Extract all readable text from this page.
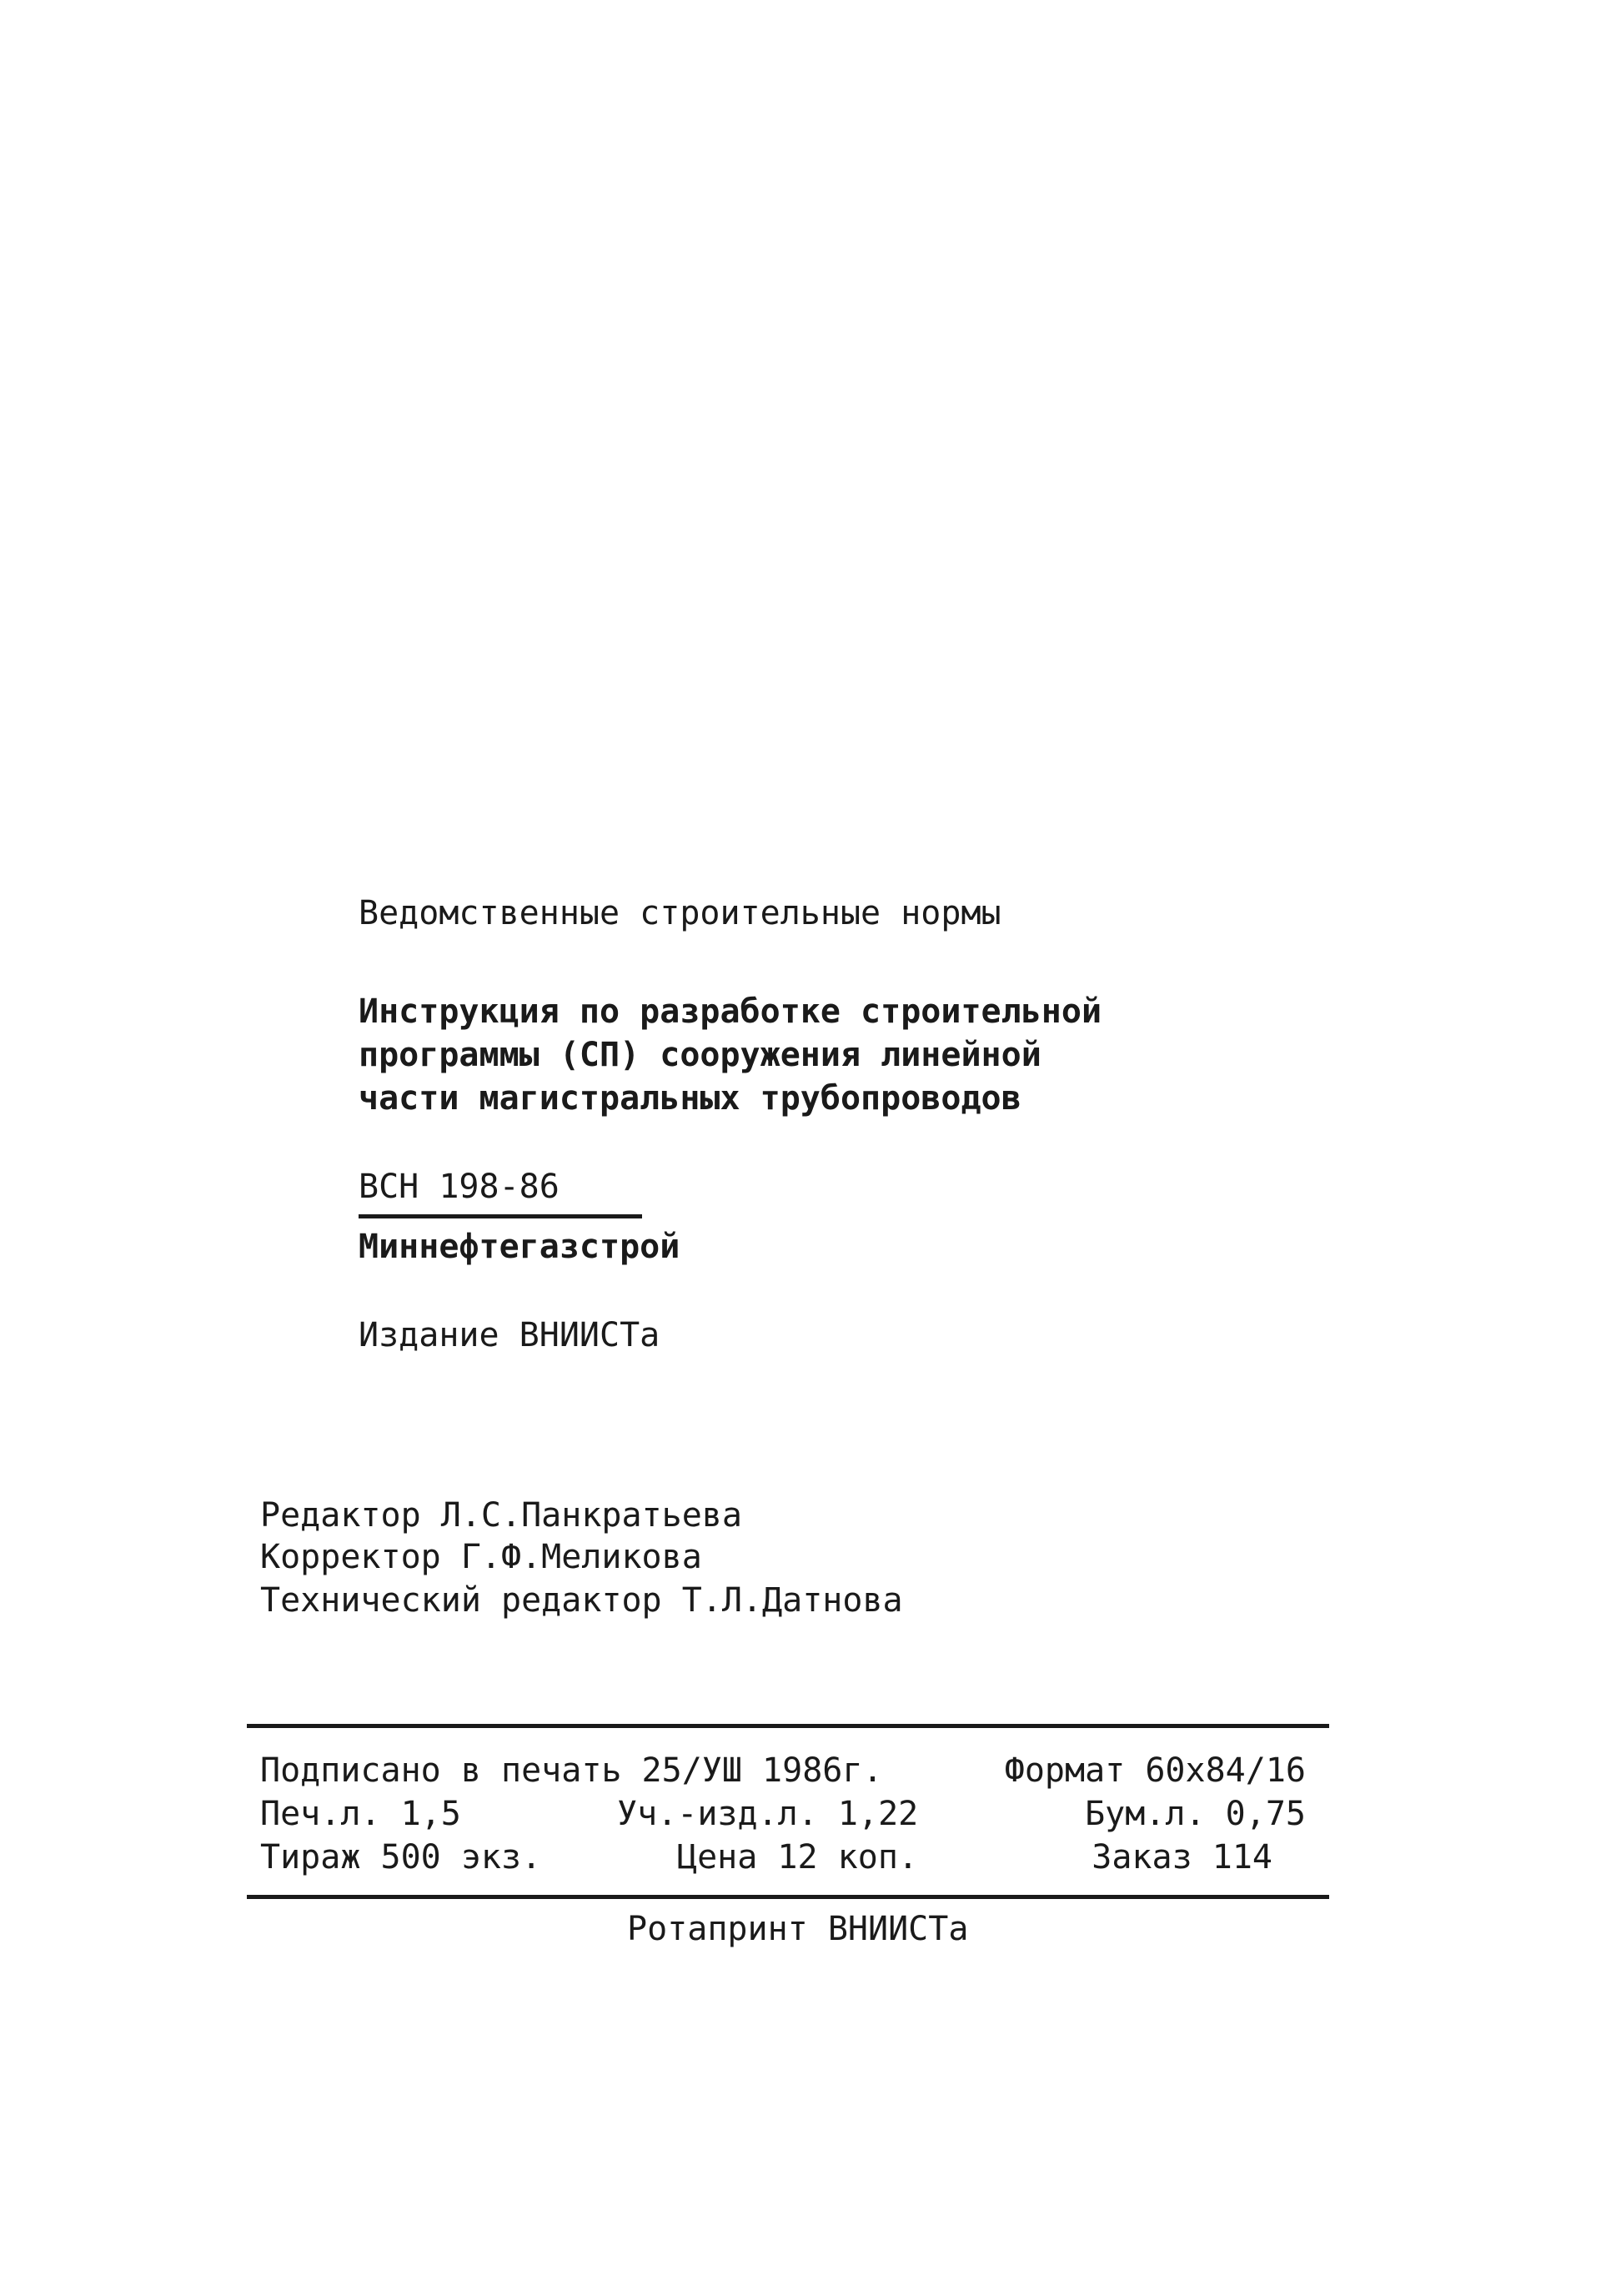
Ведомственные строительные нормы
Инструкция по разработке строительной
программы (СП) сооружения линейной
части магистральных трубопроводов
ВСН 198-86
Миннефтегазстрой
Издание ВНИИСТа
Редактор Л.С.Панкратьева
Корректор Г.Ф.Меликова
Технический редактор Т.Л.Датнова
Подписано в печать 25/УШ 1986г.	Формат 60х84/16
Печ.л. 1,5	Уч.-изд.л. 1,22	Бум.л. 0,75
Тираж 500 экз.	Цена 12 коп.	Заказ 114
Ротапринт ВНИИСТа
